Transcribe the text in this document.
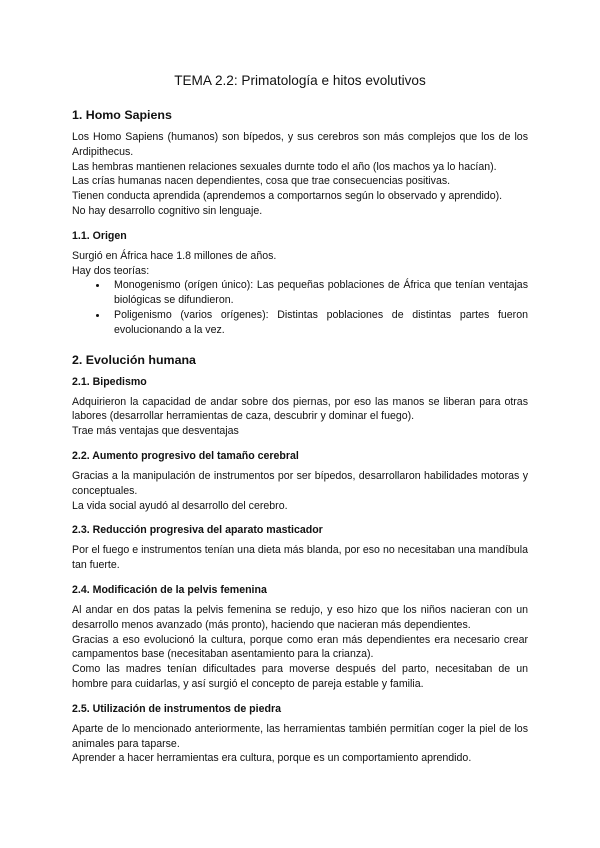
TEMA 2.2: Primatología e hitos evolutivos
1. Homo Sapiens

Los Homo Sapiens (humanos) son bípedos, y sus cerebros son más complejos que los de los Ardipithecus.

Las hembras mantienen relaciones sexuales durnte todo el año (los machos ya lo hacían).

Las crías humanas nacen dependientes, cosa que trae consecuencias positivas.

Tienen conducta aprendida (aprendemos a comportarnos según lo observado y aprendido).

No hay desarrollo cognitivo sin lenguaje.

1.1. Origen

Surgió en África hace 1.8 millones de años.

Hay dos teorías:

• Monogenismo (orígen único): Las pequeñas poblaciones de África que tenían ventajas biológicas se difundieron.
• Poligenismo (varios orígenes): Distintas poblaciones de distintas partes fueron evolucionando a la vez.
2. Evolución humana
2.1. Bipedismo

Adquirieron la capacidad de andar sobre dos piernas, por eso las manos se liberan para otras labores (desarrollar herramientas de caza, descubrir y dominar el fuego).

Trae más ventajas que desventajas

2.2. Aumento progresivo del tamaño cerebral

Gracias a la manipulación de instrumentos por ser bípedos, desarrollaron habilidades motoras y conceptuales.

La vida social ayudó al desarrollo del cerebro.

2.3. Reducción progresiva del aparato masticador

Por el fuego e instrumentos tenían una dieta más blanda, por eso no necesitaban una mandíbula tan fuerte.

2.4. Modificación de la pelvis femenina

Al andar en dos patas la pelvis femenina se redujo, y eso hizo que los niños nacieran con un desarrollo menos avanzado (más pronto), haciendo que nacieran más dependientes.

Gracias a eso evolucionó la cultura, porque como eran más dependientes era necesario crear campamentos base (necesitaban asentamiento para la crianza).

Como las madres tenían dificultades para moverse después del parto, necesitaban de un hombre para cuidarlas, y así surgió el concepto de pareja estable y familia.

2.5. Utilización de instrumentos de piedra

Aparte de lo mencionado anteriormente, las herramientas también permitían coger la piel de los animales para taparse.

Aprender a hacer herramientas era cultura, porque es un comportamiento aprendido.
